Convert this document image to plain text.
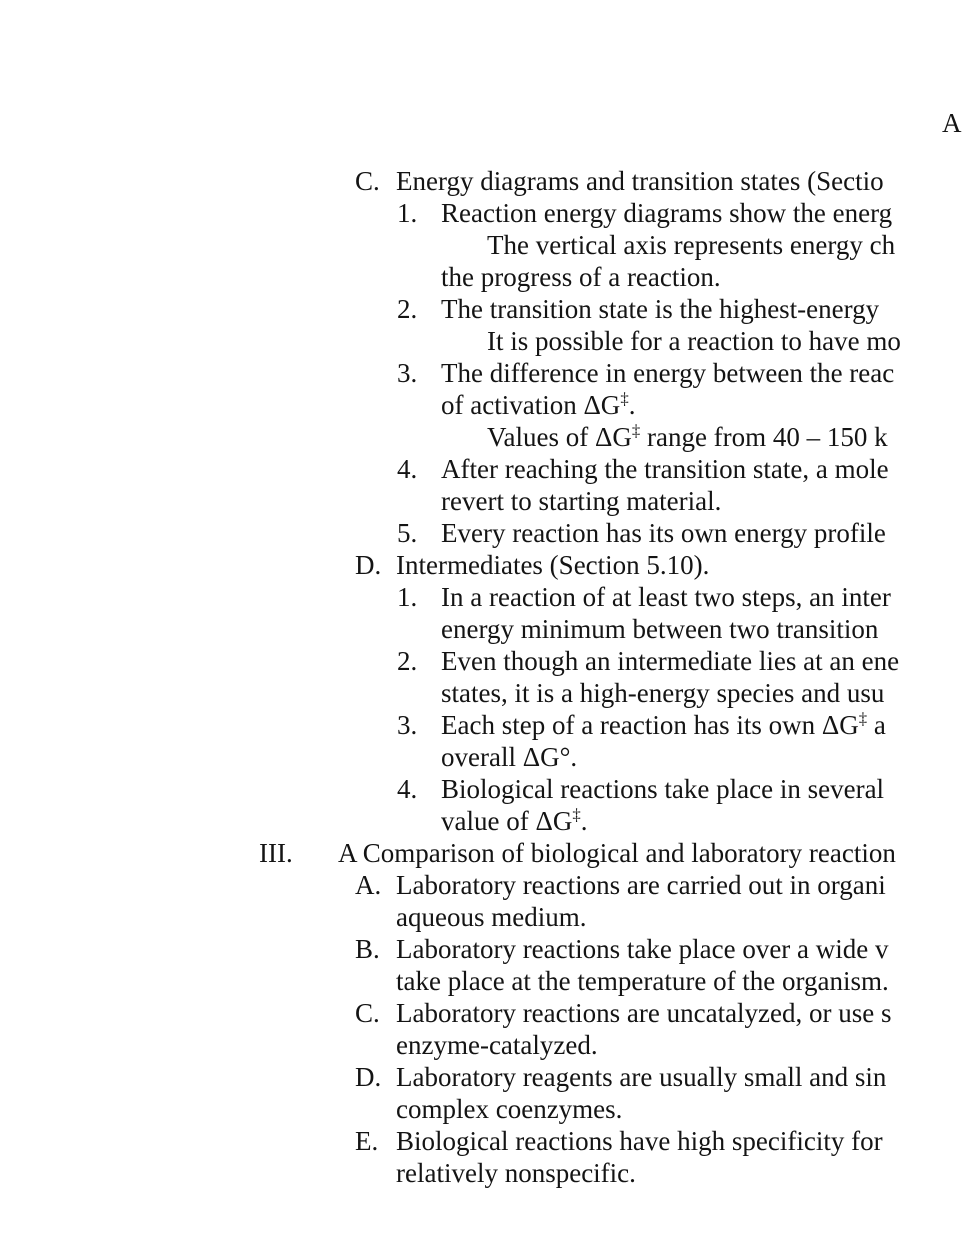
A
C. Energy diagrams and transition states (Sectio
1. Reaction energy diagrams show the energ
The vertical axis represents energy ch
the progress of a reaction.
2. The transition state is the highest-energy
It is possible for a reaction to have mo
3. The difference in energy between the reac
of activation ΔG‡.
Values of ΔG‡ range from 40 – 150 k
4. After reaching the transition state, a mole
revert to starting material.
5. Every reaction has its own energy profile
D. Intermediates (Section 5.10).
1. In a reaction of at least two steps, an inter
energy minimum between two transition
2. Even though an intermediate lies at an ene
states, it is a high-energy species and usu
3. Each step of a reaction has its own ΔG‡ a
overall ΔG°.
4. Biological reactions take place in several
value of ΔG‡.
III. A Comparison of biological and laboratory reaction
A. Laboratory reactions are carried out in organi
aqueous medium.
B. Laboratory reactions take place over a wide v
take place at the temperature of the organism.
C. Laboratory reactions are uncatalyzed, or use s
enzyme-catalyzed.
D. Laboratory reagents are usually small and sin
complex coenzymes.
E. Biological reactions have high specificity for
relatively nonspecific.
